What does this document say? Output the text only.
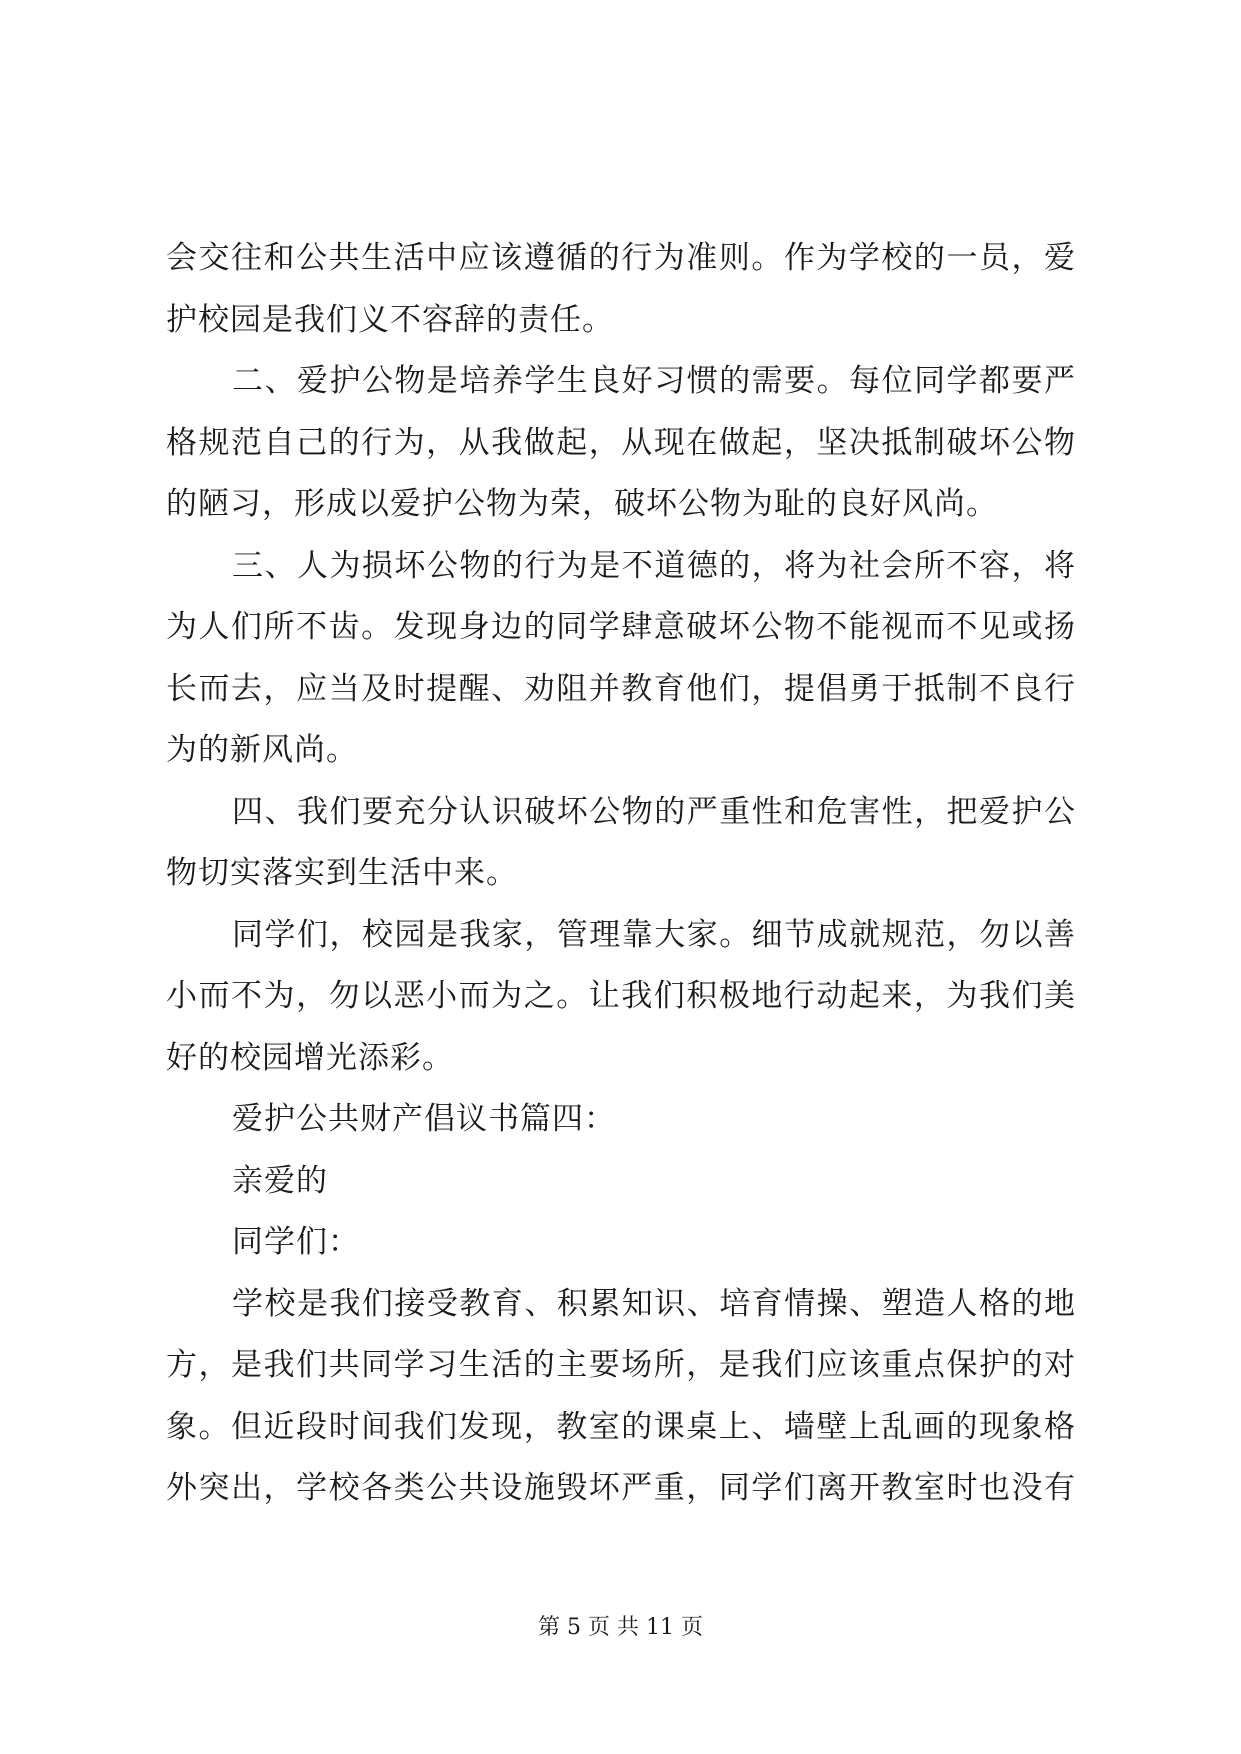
会交往和公共生活中应该遵循的行为准则。作为学校的一员，爱
护校园是我们义不容辞的责任。
二、爱护公物是培养学生良好习惯的需要。每位同学都要严
格规范自己的行为，从我做起，从现在做起，坚决抵制破坏公物
的陋习，形成以爱护公物为荣，破坏公物为耻的良好风尚。
三、人为损坏公物的行为是不道德的，将为社会所不容，将
为人们所不齿。发现身边的同学肆意破坏公物不能视而不见或扬
长而去，应当及时提醒、劝阻并教育他们，提倡勇于抵制不良行
为的新风尚。
四、我们要充分认识破坏公物的严重性和危害性，把爱护公
物切实落实到生活中来。
同学们，校园是我家，管理靠大家。细节成就规范，勿以善
小而不为，勿以恶小而为之。让我们积极地行动起来，为我们美
好的校园增光添彩。
爱护公共财产倡议书篇四：
亲爱的
同学们：
学校是我们接受教育、积累知识、培育情操、塑造人格的地
方，是我们共同学习生活的主要场所，是我们应该重点保护的对
象。但近段时间我们发现，教室的课桌上、墙壁上乱画的现象格
外突出，学校各类公共设施毁坏严重，同学们离开教室时也没有
第 5 页 共 11 页
